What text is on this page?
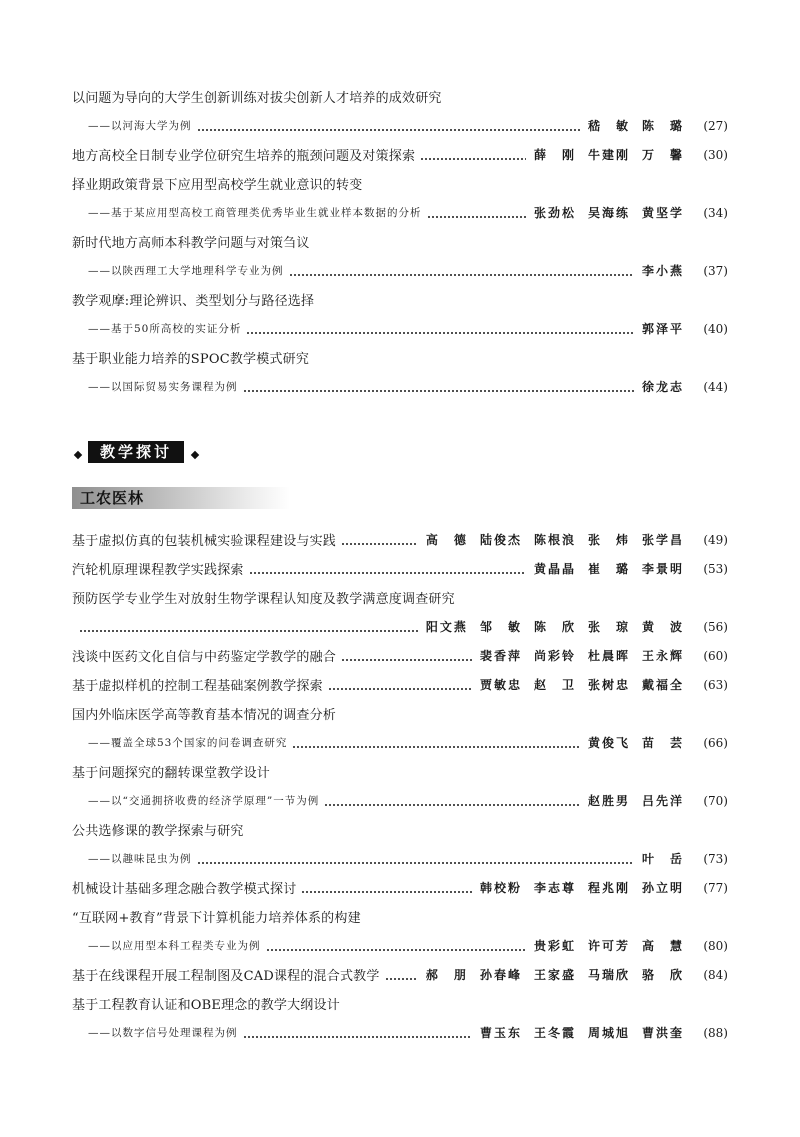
以问题为导向的大学生创新训练对拔尖创新人才培养的成效研究
——以河海大学为例	嵇　敏 陈　璐	(27)
地方高校全日制专业学位研究生培养的瓶颈问题及对策探索	薛　刚 牛建刚 万　馨	(30)
择业期政策背景下应用型高校学生就业意识的转变
——基于某应用型高校工商管理类优秀毕业生就业样本数据的分析	张劲松 吴海练 黄坚学	(34)
新时代地方高师本科教学问题与对策刍议
——以陕西理工大学地理科学专业为例	李小燕	(37)
教学观摩:理论辨识、类型划分与路径选择
——基于50所高校的实证分析	郭泽平	(40)
基于职业能力培养的SPOC教学模式研究
——以国际贸易实务课程为例	徐龙志	(44)
教学探讨
工农医林
基于虚拟仿真的包装机械实验课程建设与实践	高　德 陆俊杰 陈根浪 张　炜 张学昌	(49)
汽轮机原理课程教学实践探索	黄晶晶 崔　璐 李景明	(53)
预防医学专业学生对放射生物学课程认知度及教学满意度调查研究
阳文燕 邹　敏 陈　欣 张　琼 黄　波	(56)
浅谈中医药文化自信与中药鉴定学教学的融合	裴香萍 尚彩铃 杜晨晖 王永辉	(60)
基于虚拟样机的控制工程基础案例教学探索	贾敏忠 赵　卫 张树忠 戴福全	(63)
国内外临床医学高等教育基本情况的调查分析
——覆盖全球53个国家的问卷调查研究	黄俊飞 苗　芸	(66)
基于问题探究的翻转课堂教学设计
——以“交通拥挤收费的经济学原理”一节为例	赵胜男 吕先洋	(70)
公共选修课的教学探索与研究
——以趣味昆虫为例	叶　岳	(73)
机械设计基础多理念融合教学模式探讨	韩校粉 李志尊 程兆刚 孙立明	(77)
“互联网+教育”背景下计算机能力培养体系的构建
——以应用型本科工程类专业为例	贵彩虹 许可芳 高　慧	(80)
基于在线课程开展工程制图及CAD课程的混合式教学	郝　朋 孙春峰 王家盛 马瑞欣 骆　欣	(84)
基于工程教育认证和OBE理念的教学大纲设计
——以数字信号处理课程为例	曹玉东 王冬霞 周城旭 曹洪奎	(88)
